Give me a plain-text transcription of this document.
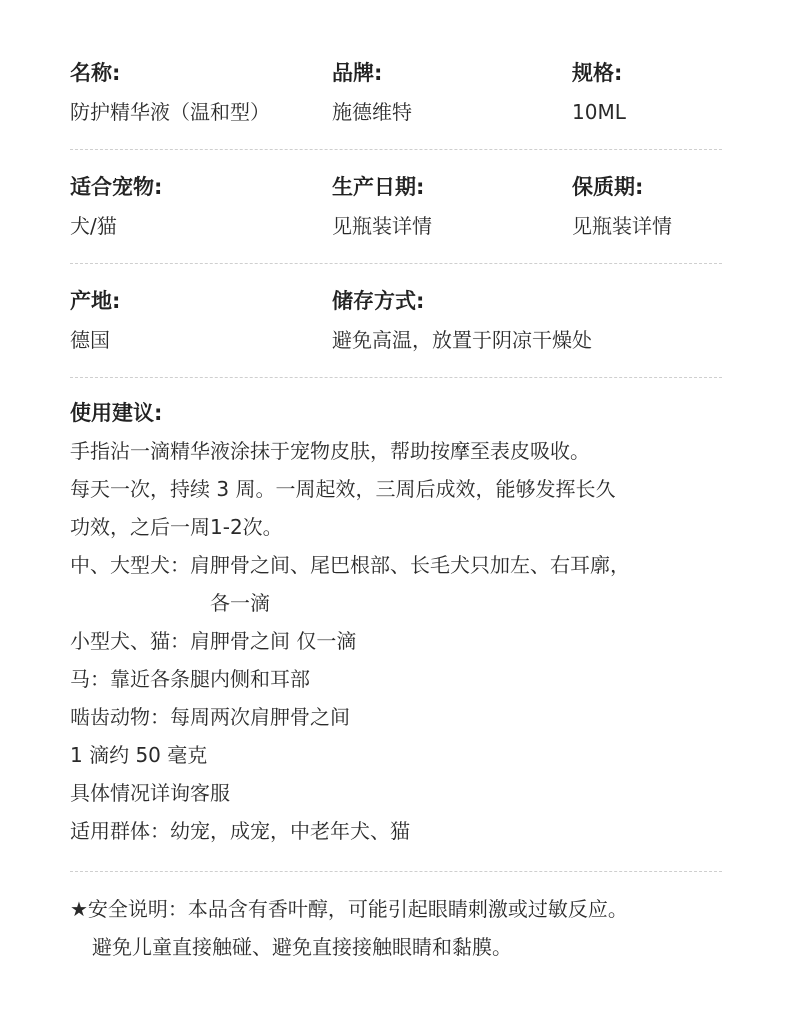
名称:
防护精华液（温和型）
品牌:
施德维特
规格:
10ML
适合宠物:
犬/猫
生产日期:
见瓶装详情
保质期:
见瓶装详情
产地:
德国
储存方式:
避免高温，放置于阴凉干燥处
使用建议:
手指沾一滴精华液涂抹于宠物皮肤，帮助按摩至表皮吸收。
每天一次，持续 3 周。一周起效，三周后成效，能够发挥长久
功效，之后一周1-2次。
中、大型犬：肩胛骨之间、尾巴根部、长毛犬只加左、右耳廓，
各一滴
小型犬、猫：肩胛骨之间 仅一滴
马：靠近各条腿内侧和耳部
啮齿动物：每周两次肩胛骨之间
1 滴约 50 毫克
具体情况详询客服
适用群体：幼宠，成宠，中老年犬、猫
★安全说明：本品含有香叶醇，可能引起眼睛刺激或过敏反应。
避免儿童直接触碰、避免直接接触眼睛和黏膜。
